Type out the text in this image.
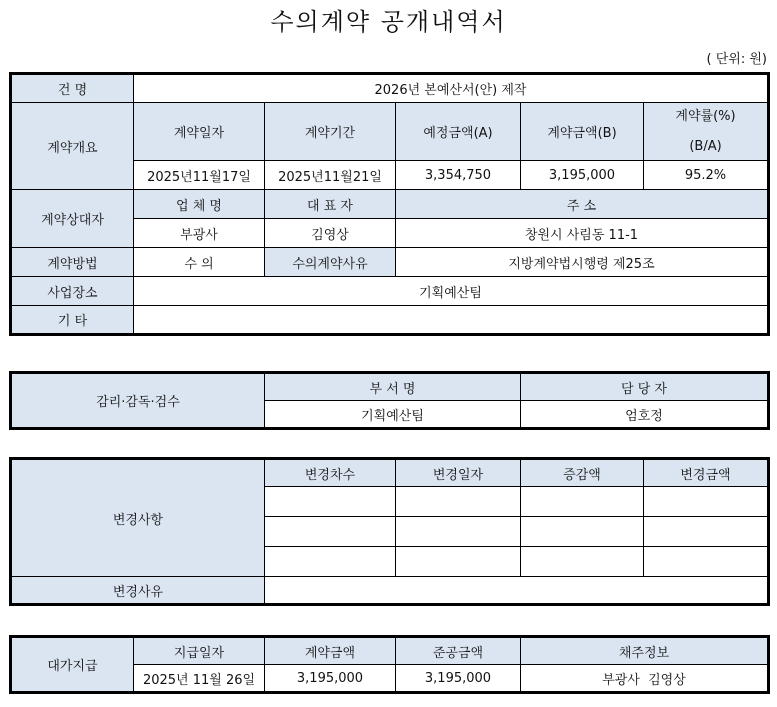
수의계약 공개내역서
( 단위: 원)
건 명	2026년 본예산서(안) 제작				
계약개요	계약일자	계약기간	예정금액(A)	계약금액(B)	계약률(%)
(B/A)

	2025년11월17일	2025년11월21일	3,354,750	3,195,000	95.2%
계약상대자	업 체 명	대 표 자	주 소		
	부광사	김영상	창원시 사림동 11-1		
계약방법	수 의	수의계약사유	지방계약법시행령 제25조		
사업장소	기획예산팀				
기 타					
감리·감독·검수	부 서 명	담 당 자
	기획예산팀	엄호정
변경사항	변경차수	변경일자	증감액	변경금액

변경사유				
대가지급	지급일자	계약금액	준공금액	채주정보
	2025년 11월 26일	3,195,000	3,195,000	부광사  김영상
